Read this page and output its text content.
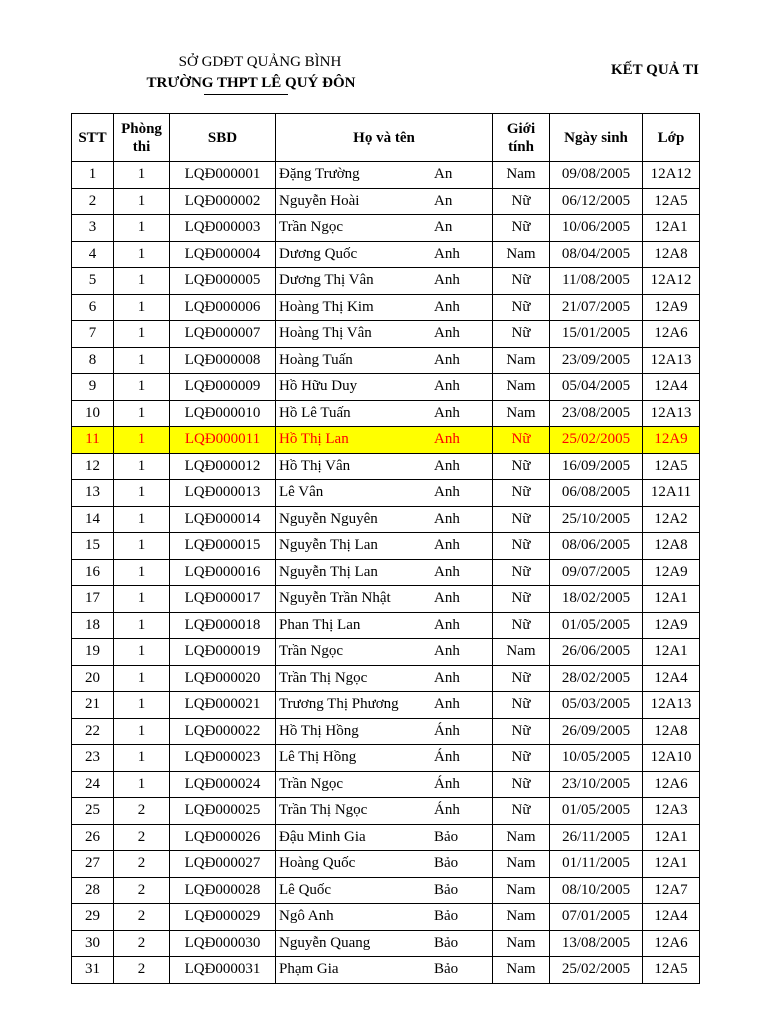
SỞ GDĐT QUẢNG BÌNH
TRƯỜNG THPT LÊ QUÝ ĐÔN
KẾT QUẢ TI
STT	Phòng thi	SBD	Họ và tên	Giới tính	Ngày sinh	Lớp
1	1	LQĐ000001	Đặng Trường An	Nam	09/08/2005	12A12
2	1	LQĐ000002	Nguyễn Hoài An	Nữ	06/12/2005	12A5
3	1	LQĐ000003	Trần Ngọc An	Nữ	10/06/2005	12A1
4	1	LQĐ000004	Dương Quốc Anh	Nam	08/04/2005	12A8
5	1	LQĐ000005	Dương Thị Vân Anh	Nữ	11/08/2005	12A12
6	1	LQĐ000006	Hoàng Thị Kim Anh	Nữ	21/07/2005	12A9
7	1	LQĐ000007	Hoàng Thị Vân Anh	Nữ	15/01/2005	12A6
8	1	LQĐ000008	Hoàng Tuấn Anh	Nam	23/09/2005	12A13
9	1	LQĐ000009	Hồ Hữu Duy Anh	Nam	05/04/2005	12A4
10	1	LQĐ000010	Hồ Lê Tuấn Anh	Nam	23/08/2005	12A13
11	1	LQĐ000011	Hồ Thị Lan Anh	Nữ	25/02/2005	12A9
12	1	LQĐ000012	Hồ Thị Vân Anh	Nữ	16/09/2005	12A5
13	1	LQĐ000013	Lê Vân Anh	Nữ	06/08/2005	12A11
14	1	LQĐ000014	Nguyễn Nguyên Anh	Nữ	25/10/2005	12A2
15	1	LQĐ000015	Nguyễn Thị Lan Anh	Nữ	08/06/2005	12A8
16	1	LQĐ000016	Nguyễn Thị Lan Anh	Nữ	09/07/2005	12A9
17	1	LQĐ000017	Nguyễn Trần Nhật Anh	Nữ	18/02/2005	12A1
18	1	LQĐ000018	Phan Thị Lan Anh	Nữ	01/05/2005	12A9
19	1	LQĐ000019	Trần Ngọc Anh	Nam	26/06/2005	12A1
20	1	LQĐ000020	Trần Thị Ngọc Anh	Nữ	28/02/2005	12A4
21	1	LQĐ000021	Trương Thị Phương Anh	Nữ	05/03/2005	12A13
22	1	LQĐ000022	Hồ Thị Hồng Ánh	Nữ	26/09/2005	12A8
23	1	LQĐ000023	Lê Thị Hồng Ánh	Nữ	10/05/2005	12A10
24	1	LQĐ000024	Trần Ngọc Ánh	Nữ	23/10/2005	12A6
25	2	LQĐ000025	Trần Thị Ngọc Ánh	Nữ	01/05/2005	12A3
26	2	LQĐ000026	Đậu Minh Gia Bảo	Nam	26/11/2005	12A1
27	2	LQĐ000027	Hoàng Quốc Bảo	Nam	01/11/2005	12A1
28	2	LQĐ000028	Lê Quốc Bảo	Nam	08/10/2005	12A7
29	2	LQĐ000029	Ngô Anh Bảo	Nam	07/01/2005	12A4
30	2	LQĐ000030	Nguyễn Quang Bảo	Nam	13/08/2005	12A6
31	2	LQĐ000031	Phạm Gia Bảo	Nam	25/02/2005	12A5
